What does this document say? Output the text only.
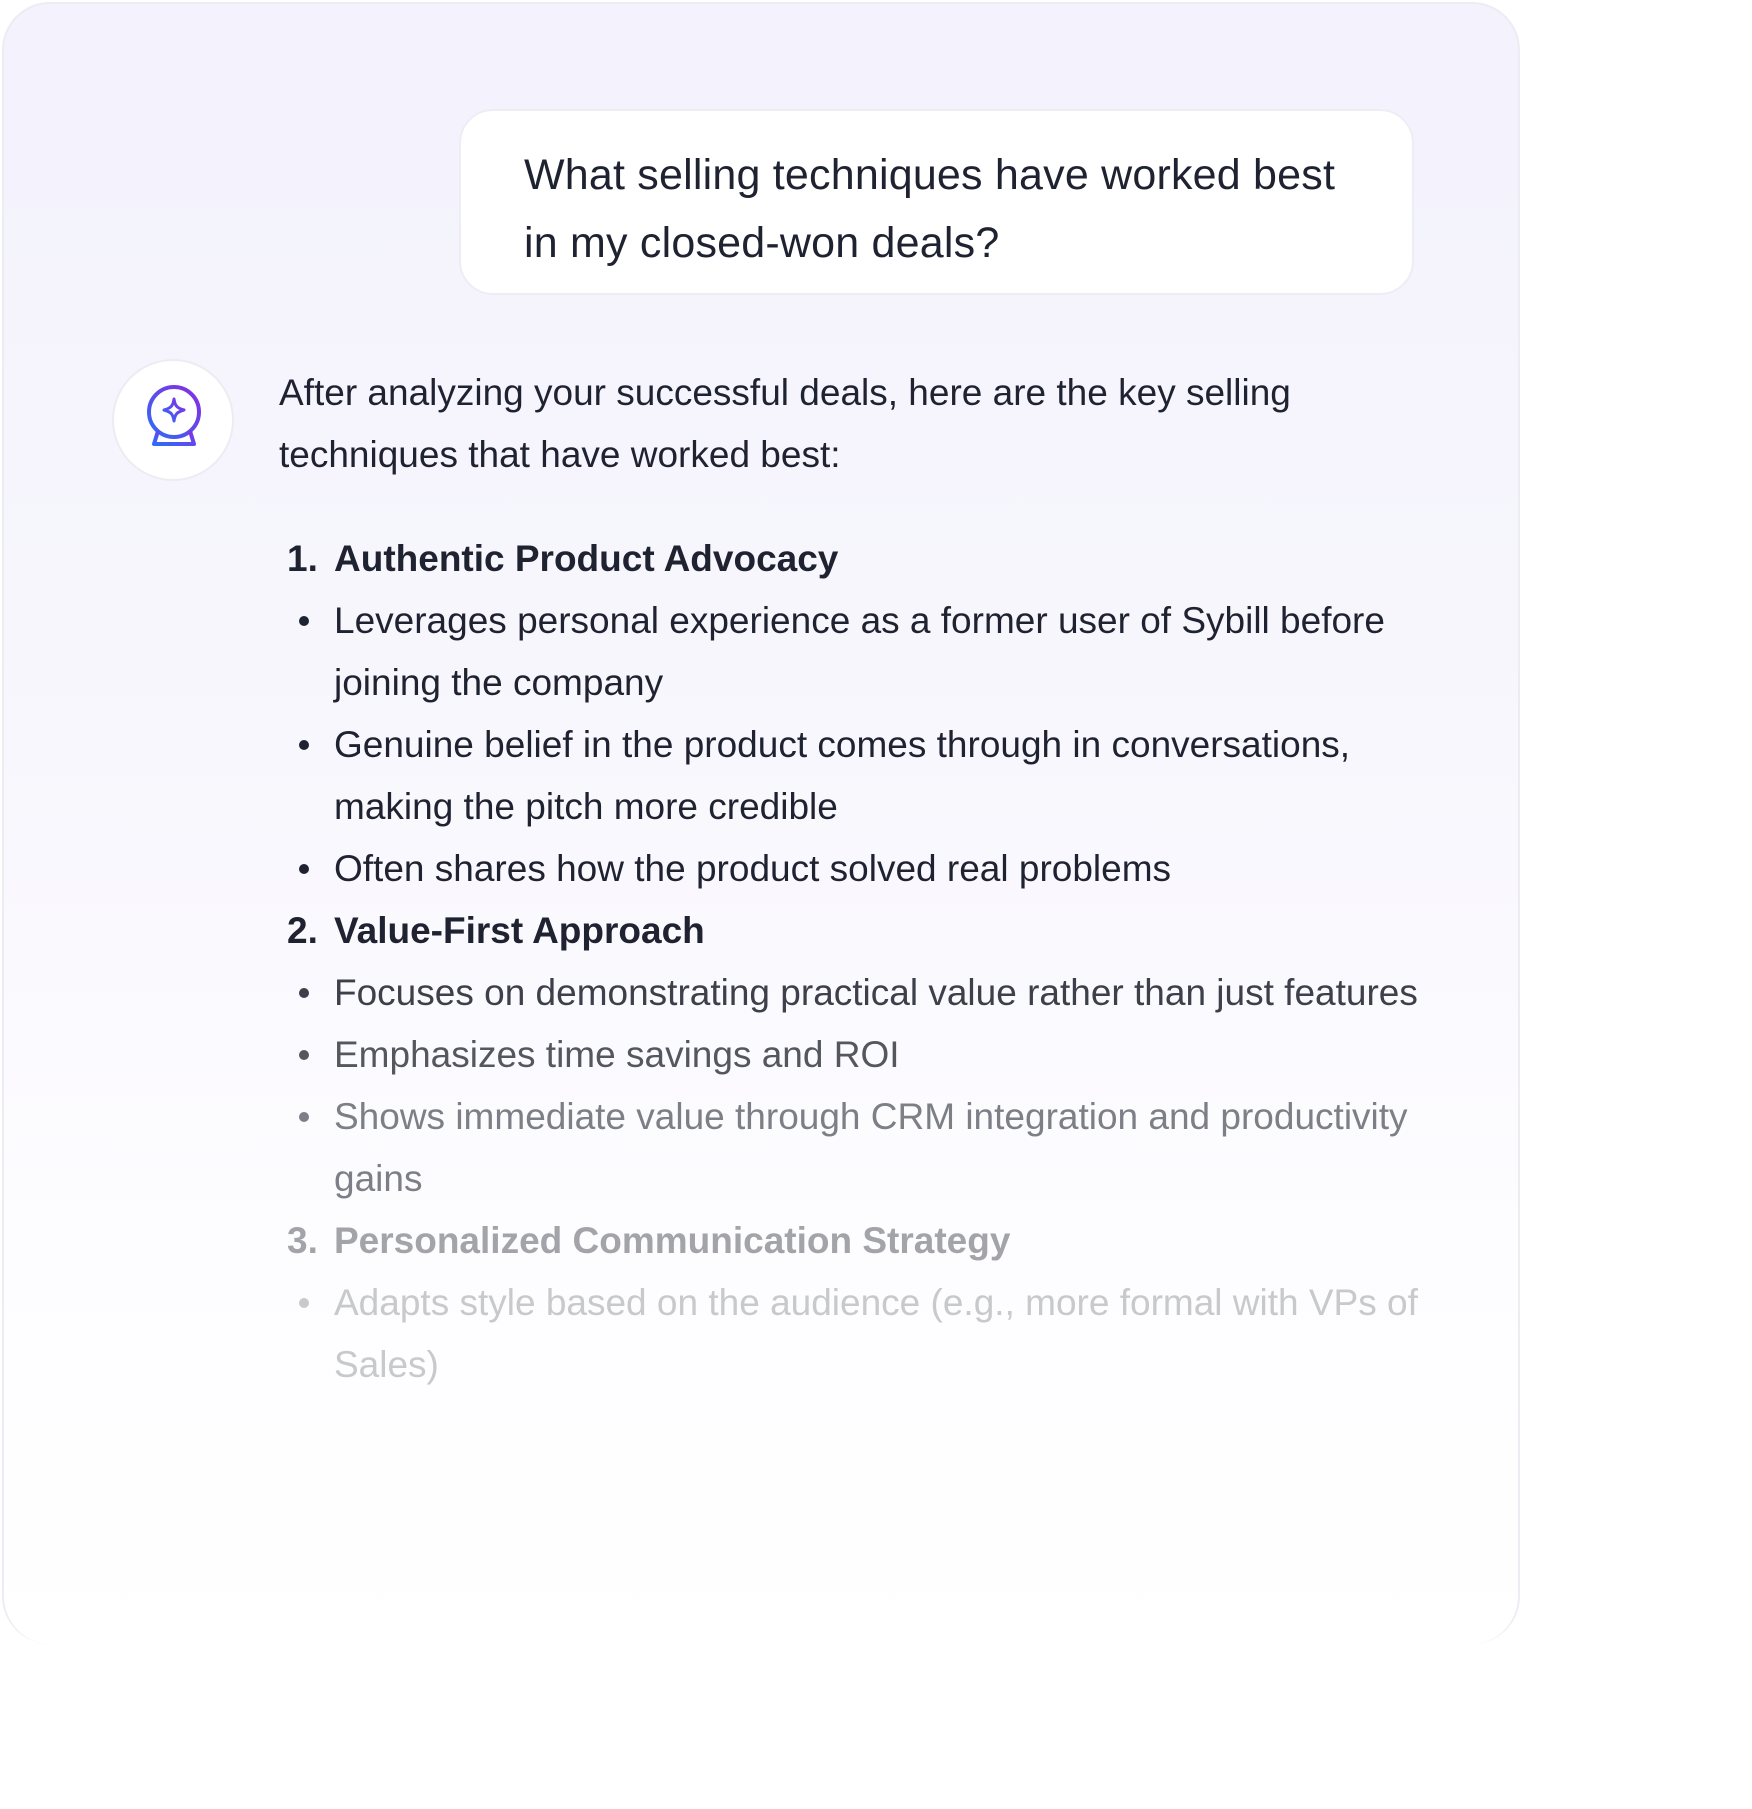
What selling techniques have worked best in my closed-won deals?

After analyzing your successful deals, here are the key selling techniques that have worked best:

1. Authentic Product Advocacy
Leverages personal experience as a former user of Sybill before joining the company
Genuine belief in the product comes through in conversations, making the pitch more credible
Often shares how the product solved real problems
2. Value-First Approach
Focuses on demonstrating practical value rather than just features
Emphasizes time savings and ROI
Shows immediate value through CRM integration and productivity gains
3. Personalized Communication Strategy
Adapts style based on the audience (e.g., more formal with VPs of Sales)
